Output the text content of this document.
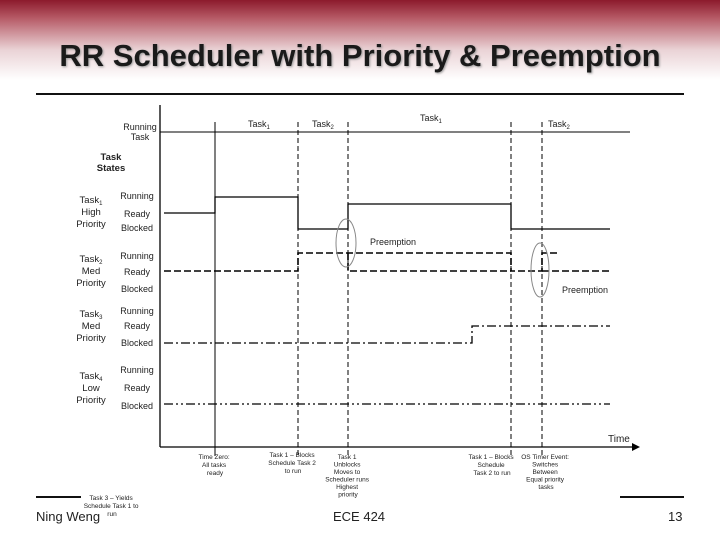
RR Scheduler with Priority & Preemption
Running
Task
Task$_1$	Task$_2$
Task$_1$	Task$_2$
Task
States
Task$_1$
High
Priority
Running
Ready
Blocked
Task$_2$
Med
Priority
Running
Ready
Blocked
Task$_3$
Med
Priority
Running
Ready
Blocked
Task$_4$
Low
Priority
Running
Ready
Blocked
Preemption
Preemption
Time
Time Zero: All tasks ready
Task 1 – Blocks Schedule Task 2 to run
Task 1 Unblocks Moves to Scheduler runs Highest priority
Task 1 – Blocks Schedule Task 2 to run
OS Timer Event: Switches Between Equal priority tasks
Task 3 – Yields Schedule Task 1 to run
Ning Weng	ECE 424	13
